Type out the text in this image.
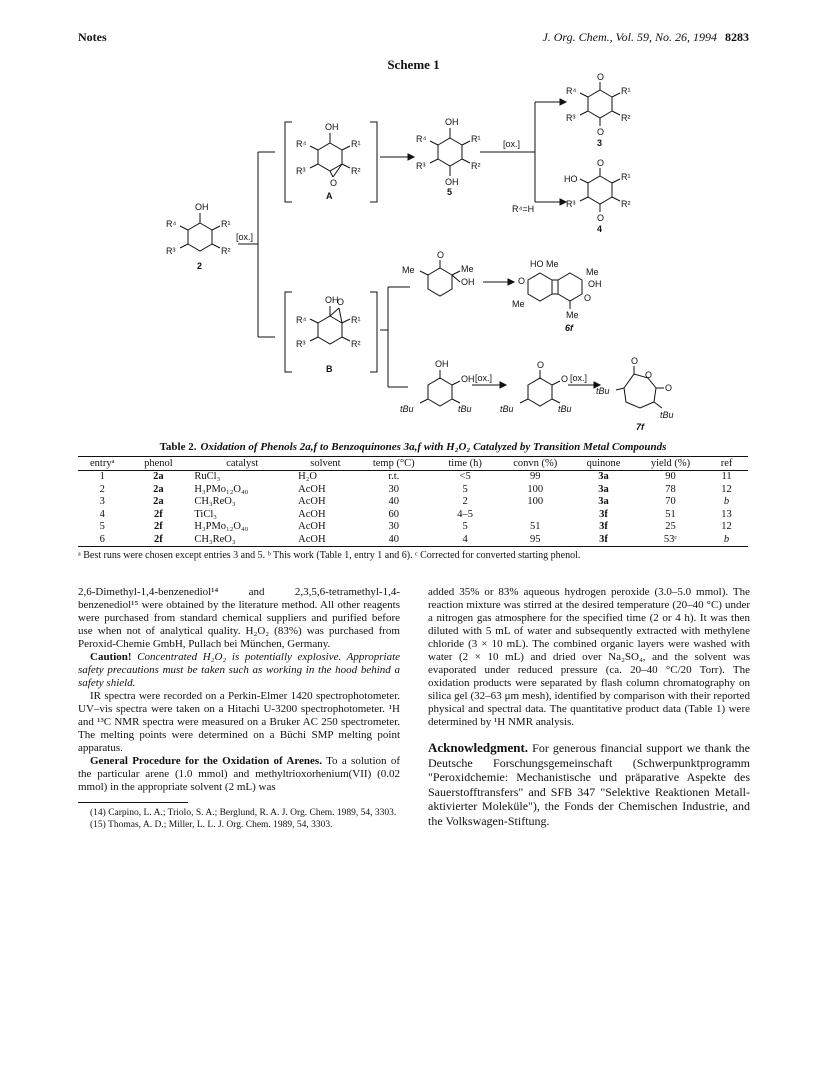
Notes	J. Org. Chem., Vol. 59, No. 26, 1994 8283
Scheme 1
OH
R¹
R²
R⁴
R³
2
[ox.]
OH
R¹
R²
R⁴
R³
O
A
OH
OH
R¹
R²
R⁴
R³
5
[ox.]
R⁴=H
O
O
R¹
R²
R⁴
R³
3
O
O
R¹
R²
HO
R³
4
OH
O
R¹
R²
R⁴
R³
B
O
Me	Me
OH
HO Me
O
Me
Me
OH
O
Me
6f
OH
OH
tBu	tBu
[ox.]
O
O
tBu	tBu
[ox.]
O
O
O
tBu
tBu
7f
Table 2. Oxidation of Phenols 2a,f to Benzoquinones 3a,f with H₂O₂ Catalyzed by Transition Metal Compounds
entryᵃ	phenol	catalyst	solvent	temp (°C)	time (h)	convn (%)	quinone	yield (%)	ref
1	2a	RuCl₃	H₂O	r.t.	<5	99	3a	90	11
2	2a	H₃PMo₁₂O₄₀	AcOH	30	5	100	3a	78	12
3	2a	CH₃ReO₃	AcOH	40	2	100	3a	70	b
4	2f	TiCl₃	AcOH	60	4–5		3f	51	13
5	2f	H₃PMo₁₂O₄₀	AcOH	30	5	51	3f	25	12
6	2f	CH₃ReO₃	AcOH	40	4	95	3f	53ᶜ	b
ᵃ Best runs were chosen except entries 3 and 5. ᵇ This work (Table 1, entry 1 and 6). ᶜ Corrected for converted starting phenol.

2,6-Dimethyl-1,4-benzenediol¹⁴ and 2,3,5,6-tetramethyl-1,4-benzenediol¹⁵ were obtained by the literature method. All other reagents were purchased from standard chemical suppliers and purified before use when not of analytical quality. H₂O₂ (83%) was purchased from Peroxid-Chemie GmbH, Pullach bei München, Germany.

Caution! Concentrated H₂O₂ is potentially explosive. Appropriate safety precautions must be taken such as working in the hood behind a safety shield.

IR spectra were recorded on a Perkin-Elmer 1420 spectrophotometer. UV–vis spectra were taken on a Hitachi U-3200 spectrophotometer. ¹H and ¹³C NMR spectra were measured on a Bruker AC 250 spectrometer. The melting points were determined on a Büchi SMP melting point apparatus.

General Procedure for the Oxidation of Arenes. To a solution of the particular arene (1.0 mmol) and methyltrioxorhenium(VII) (0.02 mmol) in the appropriate solvent (2 mL) was

(14) Carpino, L. A.; Triolo, S. A.; Berglund, R. A. J. Org. Chem. 1989, 54, 3303.

(15) Thomas, A. D.; Miller, L. L. J. Org. Chem. 1989, 54, 3303.

added 35% or 83% aqueous hydrogen peroxide (3.0–5.0 mmol). The reaction mixture was stirred at the desired temperature (20–40 °C) under a nitrogen gas atmosphere for the specified time (2 or 4 h). It was then diluted with 5 mL of water and subsequently extracted with methylene chloride (3 × 10 mL). The combined organic layers were washed with water (2 × 10 mL) and dried over Na₂SO₄, and the solvent was evaporated under reduced pressure (ca. 20–40 °C/20 Torr). The oxidation products were separated by flash column chromatography on silica gel (32–63 μm mesh), identified by comparison with their reported physical and spectral data. The quantitative product data (Table 1) were determined by ¹H NMR analysis.

Acknowledgment. For generous financial support we thank the Deutsche Forschungsgemeinschaft (Schwerpunktprogramm "Peroxidchemie: Mechanistische und präparative Aspekte des Sauerstofftransfers" and SFB 347 "Selektive Reaktionen Metall-aktivierter Moleküle"), the Fonds der Chemischen Industrie, and the Volkswagen-Stiftung.
